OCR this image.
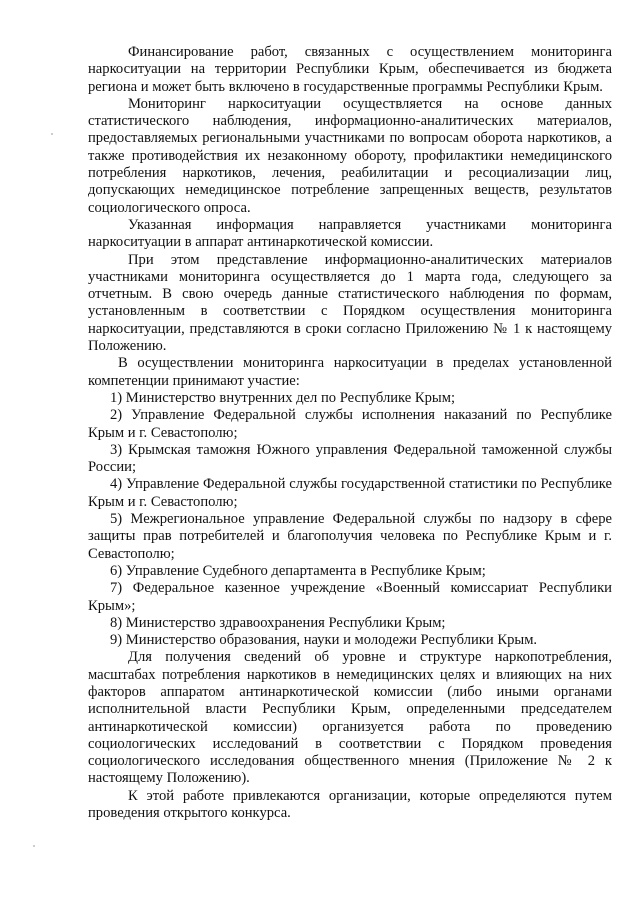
Финансирование работ, связанных с осуществлением мониторинга наркоситуации на территории Республики Крым, обеспечивается из бюджета региона и может быть включено в государственные программы Республики Крым.

Мониторинг наркоситуации осуществляется на основе данных статистического наблюдения, информационно-аналитических материалов, предоставляемых региональными участниками по вопросам оборота наркотиков, а также противодействия их незаконному обороту, профилактики немедицинского потребления наркотиков, лечения, реабилитации и ресоциализации лиц, допускающих немедицинское потребление запрещенных веществ, результатов социологического опроса.

Указанная информация направляется участниками мониторинга наркоситуации в аппарат антинаркотической комиссии.

При этом представление информационно-аналитических материалов участниками мониторинга осуществляется до 1 марта года, следующего за отчетным. В свою очередь данные статистического наблюдения по формам, установленным в соответствии с Порядком осуществления мониторинга наркоситуации, представляются в сроки согласно Приложению № 1 к настоящему Положению.

В осуществлении мониторинга наркоситуации в пределах установленной компетенции принимают участие:

1) Министерство внутренних дел по Республике Крым;

2) Управление Федеральной службы исполнения наказаний по Республике Крым и г. Севастополю;

3) Крымская таможня Южного управления Федеральной таможенной службы России;

4) Управление Федеральной службы государственной статистики по Республике Крым и г. Севастополю;

5) Межрегиональное управление Федеральной службы по надзору в сфере защиты прав потребителей и благополучия человека по Республике Крым и г. Севастополю;

6) Управление Судебного департамента в Республике Крым;

7) Федеральное казенное учреждение «Военный комиссариат Республики Крым»;

8) Министерство здравоохранения Республики Крым;

9) Министерство образования, науки и молодежи Республики Крым.

Для получения сведений об уровне и структуре наркопотребления, масштабах потребления наркотиков в немедицинских целях и влияющих на них факторов аппаратом антинаркотической комиссии (либо иными органами исполнительной власти Республики Крым, определенными председателем антинаркотической комиссии) организуется работа по проведению социологических исследований в соответствии с Порядком проведения социологического исследования общественного мнения (Приложение № 2 к настоящему Положению).

К этой работе привлекаются организации, которые определяются путем проведения открытого конкурса.
